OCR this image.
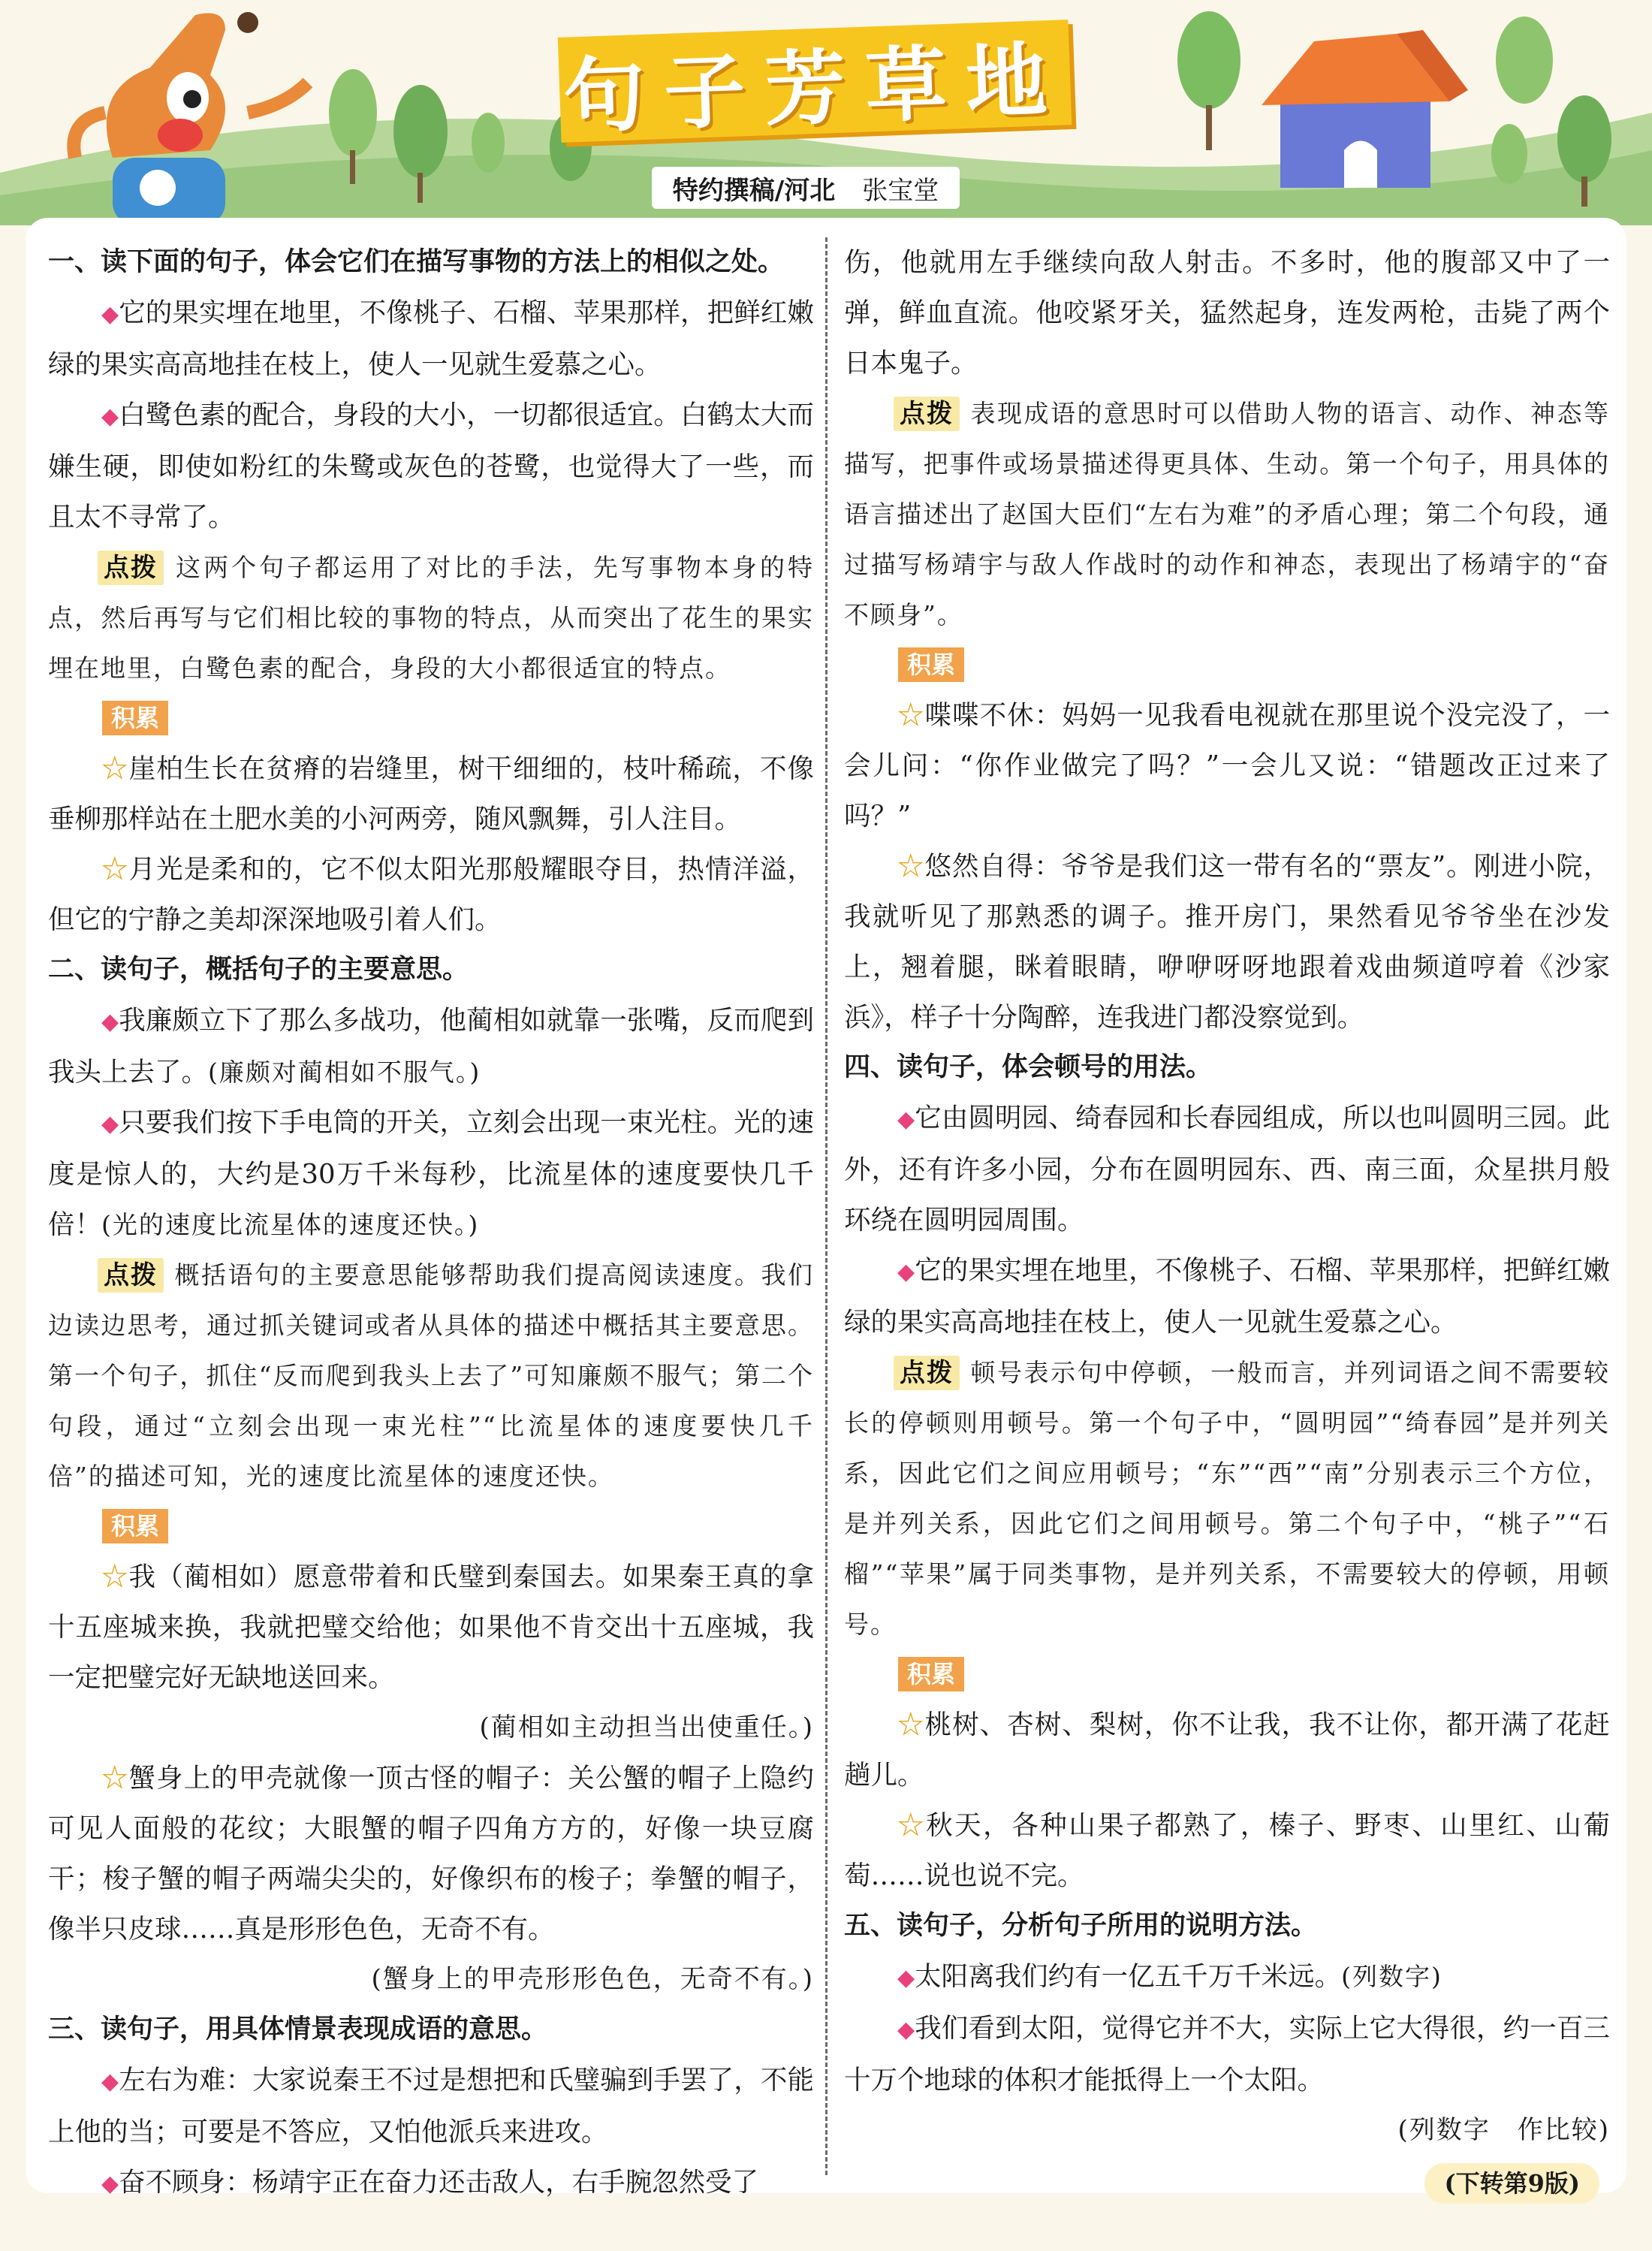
句子芳草地
特约撰稿/河北 张宝堂

一、读下面的句子，体会它们在描写事物的方法上的相似之处。

◆它的果实埋在地里，不像桃子、石榴、苹果那样，把鲜红嫩绿的果实高高地挂在枝上，使人一见就生爱慕之心。

◆白鹭色素的配合，身段的大小，一切都很适宜。白鹤太大而嫌生硬，即使如粉红的朱鹭或灰色的苍鹭，也觉得大了一些，而且太不寻常了。

点拨 这两个句子都运用了对比的手法，先写事物本身的特点，然后再写与它们相比较的事物的特点，从而突出了花生的果实埋在地里，白鹭色素的配合，身段的大小都很适宜的特点。

积累

☆崖柏生长在贫瘠的岩缝里，树干细细的，枝叶稀疏，不像垂柳那样站在土肥水美的小河两旁，随风飘舞，引人注目。

☆月光是柔和的，它不似太阳光那般耀眼夺目，热情洋溢，但它的宁静之美却深深地吸引着人们。

二、读句子，概括句子的主要意思。

◆我廉颇立下了那么多战功，他蔺相如就靠一张嘴，反而爬到我头上去了。(廉颇对蔺相如不服气。)

◆只要我们按下手电筒的开关，立刻会出现一束光柱。光的速度是惊人的，大约是30万千米每秒，比流星体的速度要快几千倍！(光的速度比流星体的速度还快。)

点拨 概括语句的主要意思能够帮助我们提高阅读速度。我们边读边思考，通过抓关键词或者从具体的描述中概括其主要意思。第一个句子，抓住“反而爬到我头上去了”可知廉颇不服气；第二个句段，通过“立刻会出现一束光柱”“比流星体的速度要快几千倍”的描述可知，光的速度比流星体的速度还快。

积累

☆我（蔺相如）愿意带着和氏璧到秦国去。如果秦王真的拿十五座城来换，我就把璧交给他；如果他不肯交出十五座城，我一定把璧完好无缺地送回来。

(蔺相如主动担当出使重任。)

☆蟹身上的甲壳就像一顶古怪的帽子：关公蟹的帽子上隐约可见人面般的花纹；大眼蟹的帽子四角方方的，好像一块豆腐干；梭子蟹的帽子两端尖尖的，好像织布的梭子；拳蟹的帽子，像半只皮球……真是形形色色，无奇不有。

(蟹身上的甲壳形形色色，无奇不有。)

三、读句子，用具体情景表现成语的意思。

◆左右为难：大家说秦王不过是想把和氏璧骗到手罢了，不能上他的当；可要是不答应，又怕他派兵来进攻。

◆奋不顾身：杨靖宇正在奋力还击敌人，右手腕忽然受了

伤，他就用左手继续向敌人射击。不多时，他的腹部又中了一弹，鲜血直流。他咬紧牙关，猛然起身，连发两枪，击毙了两个日本鬼子。

点拨 表现成语的意思时可以借助人物的语言、动作、神态等描写，把事件或场景描述得更具体、生动。第一个句子，用具体的语言描述出了赵国大臣们“左右为难”的矛盾心理；第二个句段，通过描写杨靖宇与敌人作战时的动作和神态，表现出了杨靖宇的“奋不顾身”。

积累

☆喋喋不休：妈妈一见我看电视就在那里说个没完没了，一会儿问：“你作业做完了吗？”一会儿又说：“错题改正过来了吗？”

☆悠然自得：爷爷是我们这一带有名的“票友”。刚进小院，我就听见了那熟悉的调子。推开房门，果然看见爷爷坐在沙发上，翘着腿，眯着眼睛，咿咿呀呀地跟着戏曲频道哼着《沙家浜》，样子十分陶醉，连我进门都没察觉到。

四、读句子，体会顿号的用法。

◆它由圆明园、绮春园和长春园组成，所以也叫圆明三园。此外，还有许多小园，分布在圆明园东、西、南三面，众星拱月般环绕在圆明园周围。

◆它的果实埋在地里，不像桃子、石榴、苹果那样，把鲜红嫩绿的果实高高地挂在枝上，使人一见就生爱慕之心。

点拨 顿号表示句中停顿，一般而言，并列词语之间不需要较长的停顿则用顿号。第一个句子中，“圆明园”“绮春园”是并列关系，因此它们之间应用顿号；“东”“西”“南”分别表示三个方位，是并列关系，因此它们之间用顿号。第二个句子中，“桃子”“石榴”“苹果”属于同类事物，是并列关系，不需要较大的停顿，用顿号。

积累

☆桃树、杏树、梨树，你不让我，我不让你，都开满了花赶趟儿。

☆秋天，各种山果子都熟了，榛子、野枣、山里红、山葡萄……说也说不完。

五、读句子，分析句子所用的说明方法。

◆太阳离我们约有一亿五千万千米远。(列数字)

◆我们看到太阳，觉得它并不大，实际上它大得很，约一百三十万个地球的体积才能抵得上一个太阳。

(列数字　作比较)

(下转第9版)
